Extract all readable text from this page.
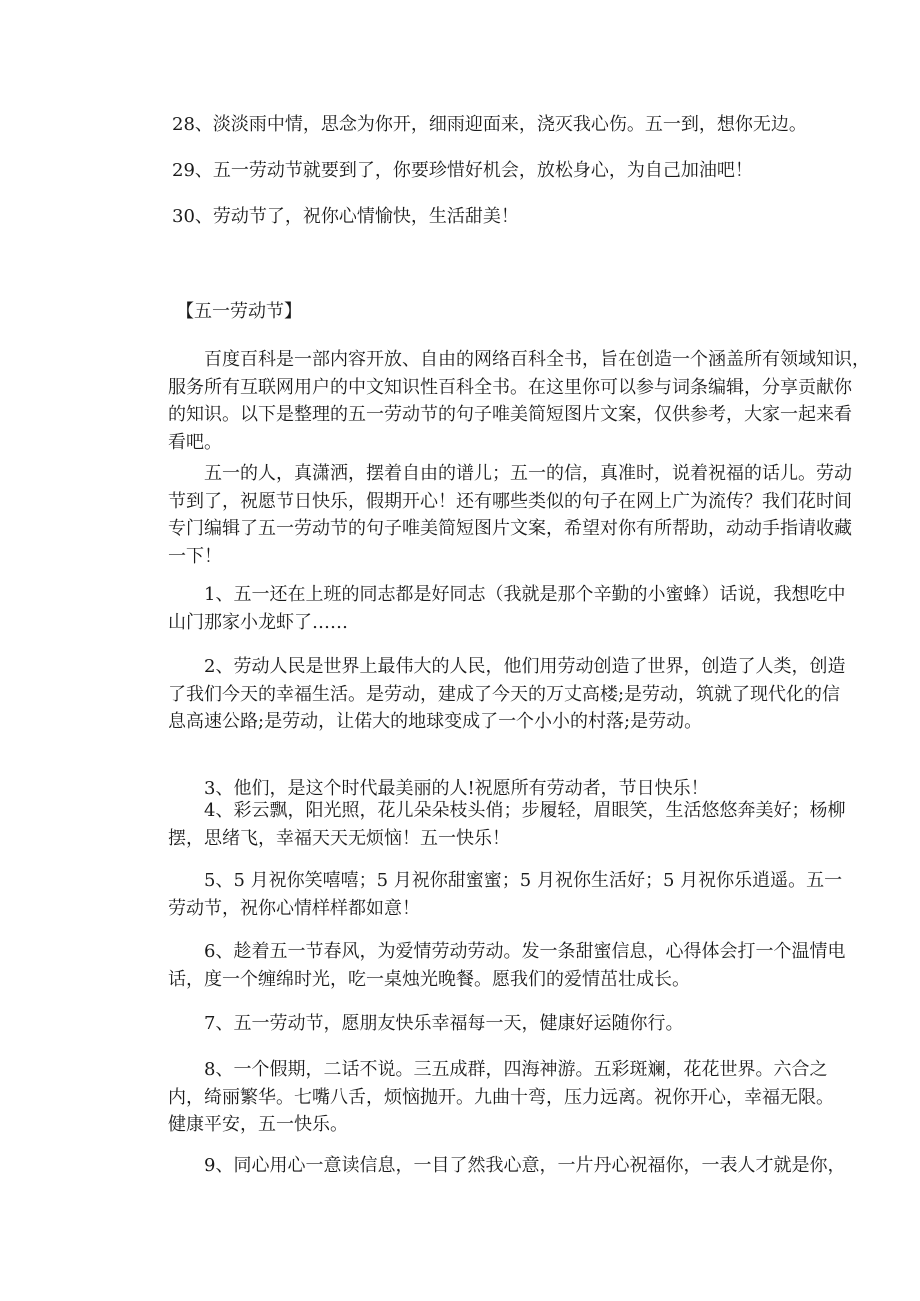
28、淡淡雨中情，思念为你开，细雨迎面来，浇灭我心伤。五一到，想你无边。

29、五一劳动节就要到了，你要珍惜好机会，放松身心，为自己加油吧！

30、劳动节了，祝你心情愉快，生活甜美！

【五一劳动节】

百度百科是一部内容开放、自由的网络百科全书，旨在创造一个涵盖所有领域知识，
服务所有互联网用户的中文知识性百科全书。在这里你可以参与词条编辑，分享贡献你
的知识。以下是整理的五一劳动节的句子唯美简短图片文案，仅供参考，大家一起来看
看吧。
五一的人，真潇洒，摆着自由的谱儿；五一的信，真准时，说着祝福的话儿。劳动
节到了，祝愿节日快乐，假期开心！还有哪些类似的句子在网上广为流传？我们花时间
专门编辑了五一劳动节的句子唯美简短图片文案，希望对你有所帮助，动动手指请收藏
一下！
1、五一还在上班的同志都是好同志（我就是那个辛勤的小蜜蜂）话说，我想吃中
山门那家小龙虾了……
2、劳动人民是世界上最伟大的人民，他们用劳动创造了世界，创造了人类，创造
了我们今天的幸福生活。是劳动，建成了今天的万丈高楼;是劳动，筑就了现代化的信
息高速公路;是劳动，让偌大的地球变成了一个小小的村落;是劳动。
3、他们，是这个时代最美丽的人!祝愿所有劳动者，节日快乐！
4、彩云飘，阳光照，花儿朵朵枝头俏；步履轻，眉眼笑，生活悠悠奔美好；杨柳
摆，思绪飞，幸福天天无烦恼！五一快乐！
5、5 月祝你笑嘻嘻；5 月祝你甜蜜蜜；5 月祝你生活好；5 月祝你乐逍遥。五一
劳动节，祝你心情样样都如意！
6、趁着五一节春风，为爱情劳动劳动。发一条甜蜜信息，心得体会打一个温情电
话，度一个缠绵时光，吃一桌烛光晚餐。愿我们的爱情茁壮成长。
7、五一劳动节，愿朋友快乐幸福每一天，健康好运随你行。
8、一个假期，二话不说。三五成群，四海神游。五彩斑斓，花花世界。六合之
内，绮丽繁华。七嘴八舌，烦恼抛开。九曲十弯，压力远离。祝你开心，幸福无限。
健康平安，五一快乐。
9、同心用心一意读信息，一目了然我心意，一片丹心祝福你，一表人才就是你，
